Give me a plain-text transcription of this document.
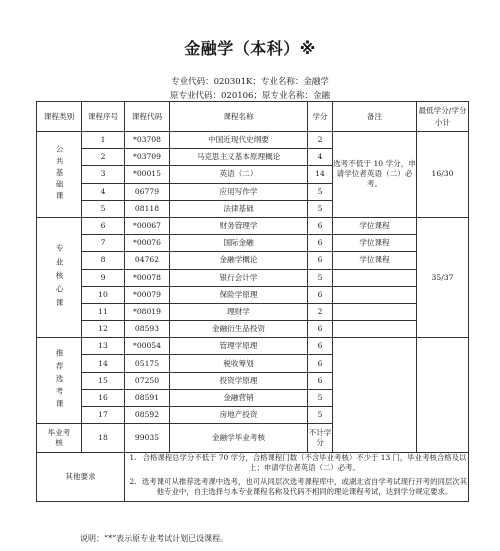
金融学（本科）※
专业代码：020301K；专业名称：金融学
原专业代码：020106；原专业名称：金融
课程类别	课程序号	课程代码	课程名称	学分	备注	最低学分/学分小计
公共基础课	1	*03708	中国近现代史纲要	2	选考不低于 10 学分，申请学位者英语（二）必考。	16/30
	2	*03709	马克思主义基本原理概论	4		
	3	*00015	英语（二）	14		
	4	06779	应用写作学	5		
	5	08118	法律基础	5		
专业核心课	6	*00067	财务管理学	6	学位课程	35/37
	7	*00076	国际金融	6	学位课程	
	8	04762	金融学概论	6	学位课程	
	9	*00078	银行会计学	5		
	10	*00079	保险学原理	6		
	11	*08019	理财学	2		
	12	08593	金融衍生品投资	6		
推荐选考课	13	*00054	管理学原理	6		
	14	05175	税收筹划	6		
	15	07250	投资学原理	6		
	16	08591	金融营销	5		
	17	08592	房地产投资	5		
毕业考核	18	99035	金融学毕业考核	不计学分		
其他要求		1. 合格课程总学分不低于 70 学分，合格课程门数（不含毕业考核）不少于 13 门，毕业考核合格及以上；申请学位者英语（二）必考。
2. 选考课可从推荐选考课中选考，也可从同层次选考课程库中，或湖北省自学考试现行开考的同层次其他专业中，自主选择与本专业课程名称及代码不相同的理论课程考试，达到学分规定要求。				
说明：“*”表示原专业考试计划已设课程。
